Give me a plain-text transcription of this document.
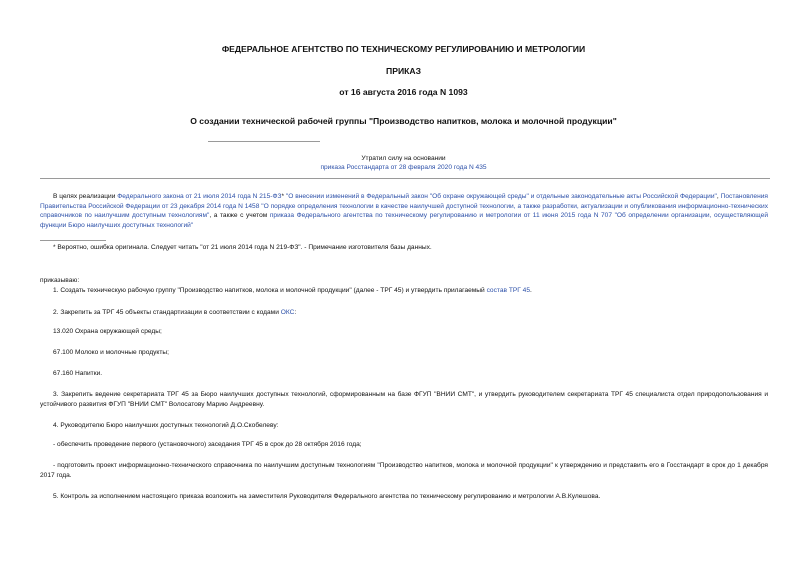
ФЕДЕРАЛЬНОЕ АГЕНТСТВО ПО ТЕХНИЧЕСКОМУ РЕГУЛИРОВАНИЮ И МЕТРОЛОГИИ
ПРИКАЗ
от 16 августа 2016 года N 1093
О создании технической рабочей группы "Производство напитков, молока и молочной продукции"
Утратил силу на основании
приказа Росстандарта от 28 февраля 2020 года N 435
В целях реализации Федерального закона от 21 июля 2014 года N 215-ФЗ* "О внесении изменений в Федеральный закон "Об охране окружающей среды" и отдельные законодательные акты Российской Федерации", Постановления Правительства Российской Федерации от 23 декабря 2014 года N 1458 "О порядке определения технологии в качестве наилучшей доступной технологии, а также разработки, актуализации и опубликования информационно-технических справочников по наилучшим доступным технологиям", а также с учетом приказа Федерального агентства по техническому регулированию и метрологии от 11 июня 2015 года N 707 "Об определении организации, осуществляющей функции Бюро наилучших доступных технологий"
* Вероятно, ошибка оригинала. Следует читать "от 21 июля 2014 года N 219-ФЗ". - Примечание изготовителя базы данных.
приказываю:
1. Создать техническую рабочую группу "Производство напитков, молока и молочной продукции" (далее - ТРГ 45) и утвердить прилагаемый состав ТРГ 45.
2. Закрепить за ТРГ 45 объекты стандартизации в соответствии с кодами ОКС:
13.020 Охрана окружающей среды;
67.100 Молоко и молочные продукты;
67.160 Напитки.
3. Закрепить ведение секретариата ТРГ 45 за Бюро наилучших доступных технологий, сформированным на базе ФГУП "ВНИИ СМТ", и утвердить руководителем секретариата ТРГ 45 специалиста отдел природопользования и устойчивого развития ФГУП "ВНИИ СМТ" Волосатову Марию Андреевну.
4. Руководителю Бюро наилучших доступных технологий Д.О.Скобелеву:
- обеспечить проведение первого (установочного) заседания ТРГ 45 в срок до 28 октября 2016 года;
- подготовить проект информационно-технического справочника по наилучшим доступным технологиям "Производство напитков, молока и молочной продукции" к утверждению и представить его в Госстандарт в срок до 1 декабря 2017 года.
5. Контроль за исполнением настоящего приказа возложить на заместителя Руководителя Федерального агентства по техническому регулированию и метрологии А.В.Кулешова.
